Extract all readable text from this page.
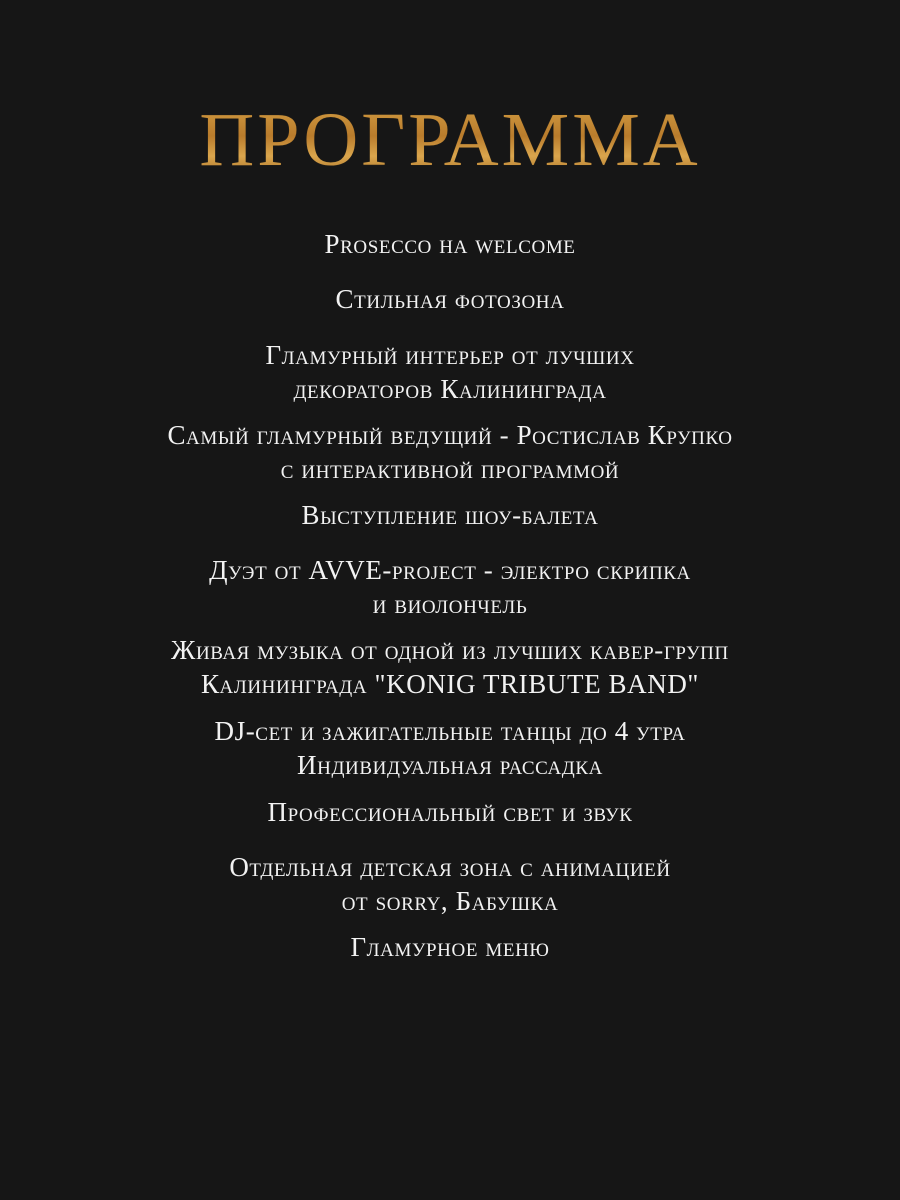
ПРОГРАММА
Prosecco на welcome
Стильная фотозона
Гламурный интерьер от лучших
декораторов Калининграда
Самый гламурный ведущий - Ростислав Крупко
с интерактивной программой
Выступление шоу-балета
Дуэт от AVVE-project - электро скрипка
и виолончель
Живая музыка от одной из лучших кавер-групп
Калининграда "KONIG TRIBUTE BAND"
DJ-сет и зажигательные танцы до 4 утра
Индивидуальная рассадка
Профессиональный свет и звук
Отдельная детская зона с анимацией
от sorry, Бабушка
Гламурное меню
